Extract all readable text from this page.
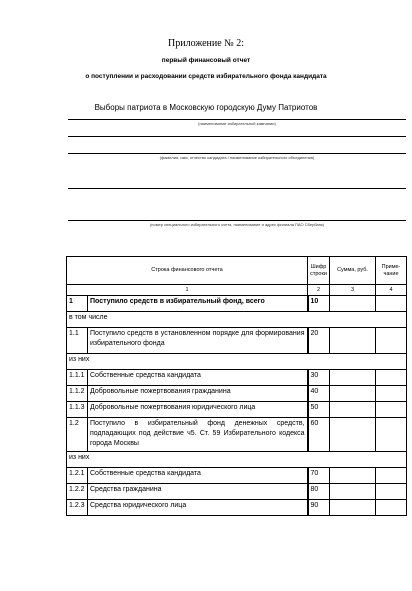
Приложение № 2:
первый финансовый отчет
о поступлении и расходовании средств избирательного фонда кандидата
Выборы патриота в Московскую городскую Думу Патриотов
(наименование избирательной кампании)
(фамилия, имя, отчество кандидата / наименование избирательного объединения)
(номер специального избирательного счета, наименование и адрес филиала ПАО Сбербанк)
Строка финансового отчета		Шифр строки	Сумма, руб.	Приме-чание
1		2	3	4
1	Поступило средств в избирательный фонд, всего	10		
в том числе				
1.1	Поступило средств в установленном порядке для формирования избирательного фонда	20		
из них				
1.1.1	Собственные средства кандидата	30		
1.1.2	Добровольные пожертвования гражданина	40		
1.1.3	Добровольные пожертвования юридического лица	50		
1.2	Поступило в избирательный фонд денежных средств, подпадающих под действие ч5. Ст. 59 Избирательного кодекса города Москвы	60		
из них				
1.2.1	Собственные средства кандидата	70		
1.2.2	Средства гражданина	80		
1.2.3	Средства юридического лица	90		
